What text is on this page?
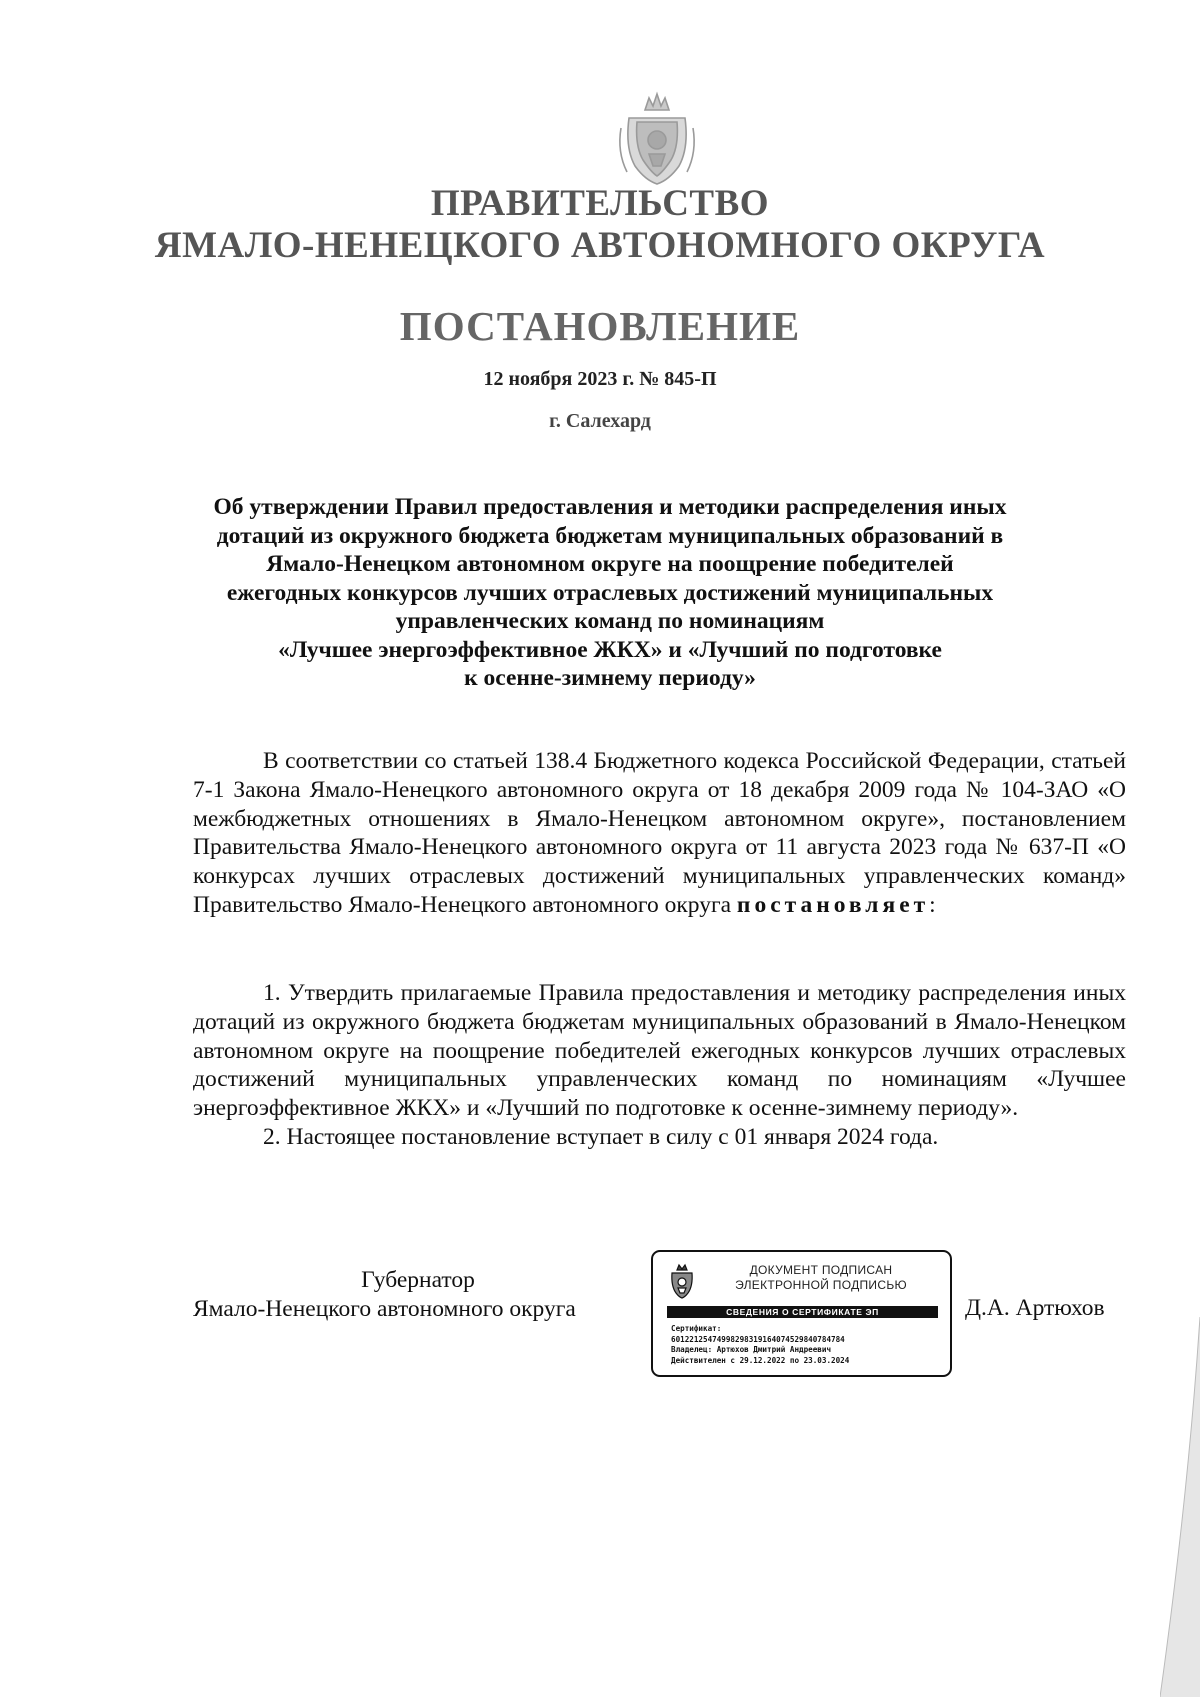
ПРАВИТЕЛЬСТВО
ЯМАЛО-НЕНЕЦКОГО АВТОНОМНОГО ОКРУГА
ПОСТАНОВЛЕНИЕ
12 ноября 2023 г. № 845-П
г. Салехард
Об утверждении Правил предоставления и методики распределения иных
дотаций из окружного бюджета бюджетам муниципальных образований в
Ямало-Ненецком автономном округе на поощрение победителей
ежегодных конкурсов лучших отраслевых достижений муниципальных
управленческих команд по номинациям
«Лучшее энергоэффективное ЖКХ» и «Лучший по подготовке
к осенне-зимнему периоду»
В соответствии со статьей 138.4 Бюджетного кодекса Российской Федерации, статьей 7-1 Закона Ямало-Ненецкого автономного округа от 18 декабря 2009 года № 104-ЗАО «О межбюджетных отношениях в Ямало-Ненецком автономном округе», постановлением Правительства Ямало-Ненецкого автономного округа от 11 августа 2023 года № 637-П «О конкурсах лучших отраслевых достижений муниципальных управленческих команд» Правительство Ямало-Ненецкого автономного округа постановляет:
1. Утвердить прилагаемые Правила предоставления и методику распределения иных дотаций из окружного бюджета бюджетам муниципальных образований в Ямало-Ненецком автономном округе на поощрение победителей ежегодных конкурсов лучших отраслевых достижений муниципальных управленческих команд по номинациям «Лучшее энергоэффективное ЖКХ» и «Лучший по подготовке к осенне-зимнему периоду».
2. Настоящее постановление вступает в силу с 01 января 2024 года.
Губернатор
Ямало-Ненецкого автономного округа
ДОКУМЕНТ ПОДПИСАН
ЭЛЕКТРОННОЙ ПОДПИСЬЮ
СВЕДЕНИЯ О СЕРТИФИКАТЕ ЭП
Сертификат:
60122125474998298319164074529840784784
Владелец: Артюхов Дмитрий Андреевич
Действителен с 29.12.2022 по 23.03.2024
Д.А. Артюхов
